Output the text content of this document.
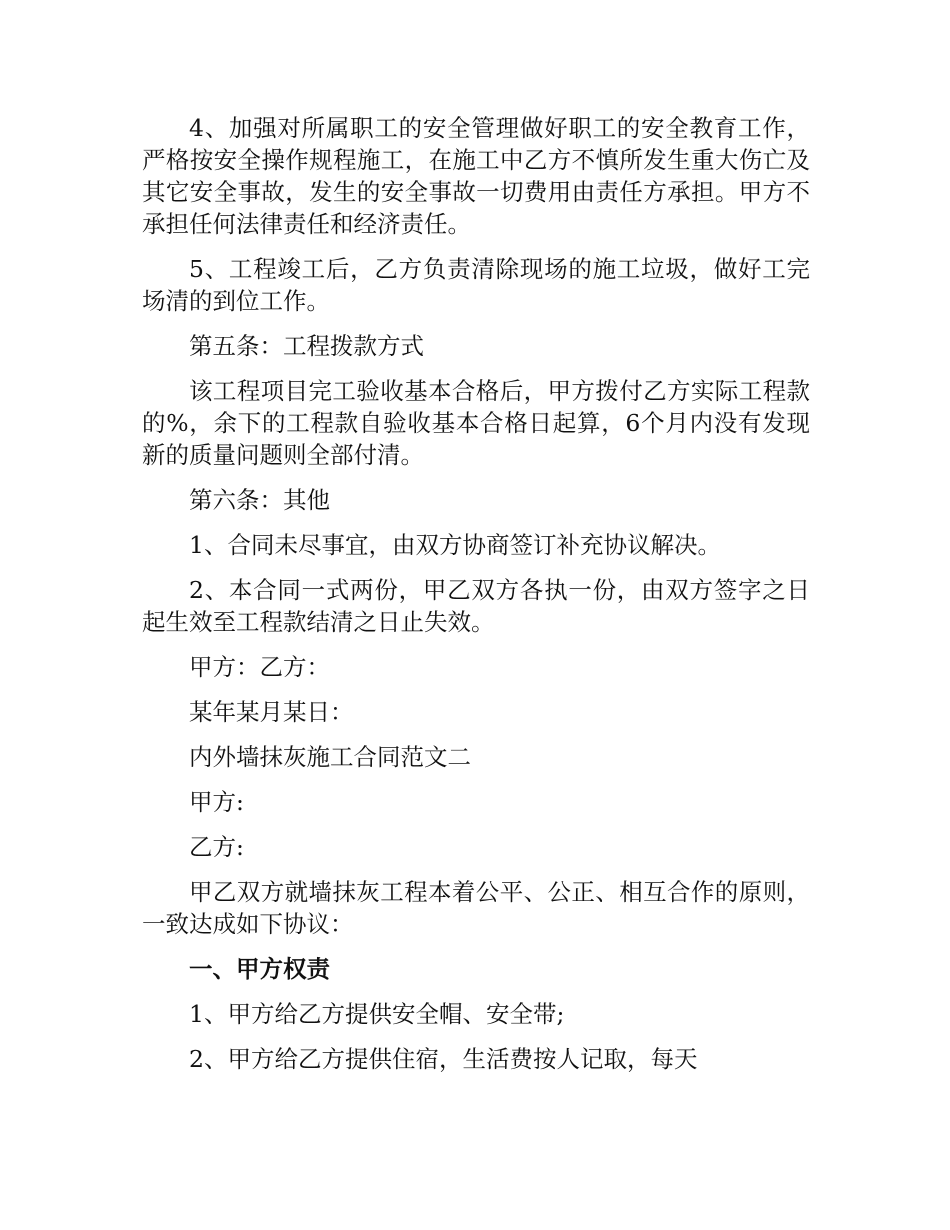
4、加强对所属职工的安全管理做好职工的安全教育工作，严格按安全操作规程施工，在施工中乙方不慎所发生重大伤亡及其它安全事故，发生的安全事故一切费用由责任方承担。甲方不承担任何法律责任和经济责任。

5、工程竣工后，乙方负责清除现场的施工垃圾，做好工完场清的到位工作。

第五条：工程拨款方式

该工程项目完工验收基本合格后，甲方拨付乙方实际工程款的%，余下的工程款自验收基本合格日起算，6个月内没有发现新的质量问题则全部付清。

第六条：其他

1、合同未尽事宜，由双方协商签订补充协议解决。

2、本合同一式两份，甲乙双方各执一份，由双方签字之日起生效至工程款结清之日止失效。

甲方：乙方：

某年某月某日：

内外墙抹灰施工合同范文二

甲方:

乙方:

甲乙双方就墙抹灰工程本着公平、公正、相互合作的原则，一致达成如下协议：

一、甲方权责

1、甲方给乙方提供安全帽、安全带;

2、甲方给乙方提供住宿，生活费按人记取，每天
